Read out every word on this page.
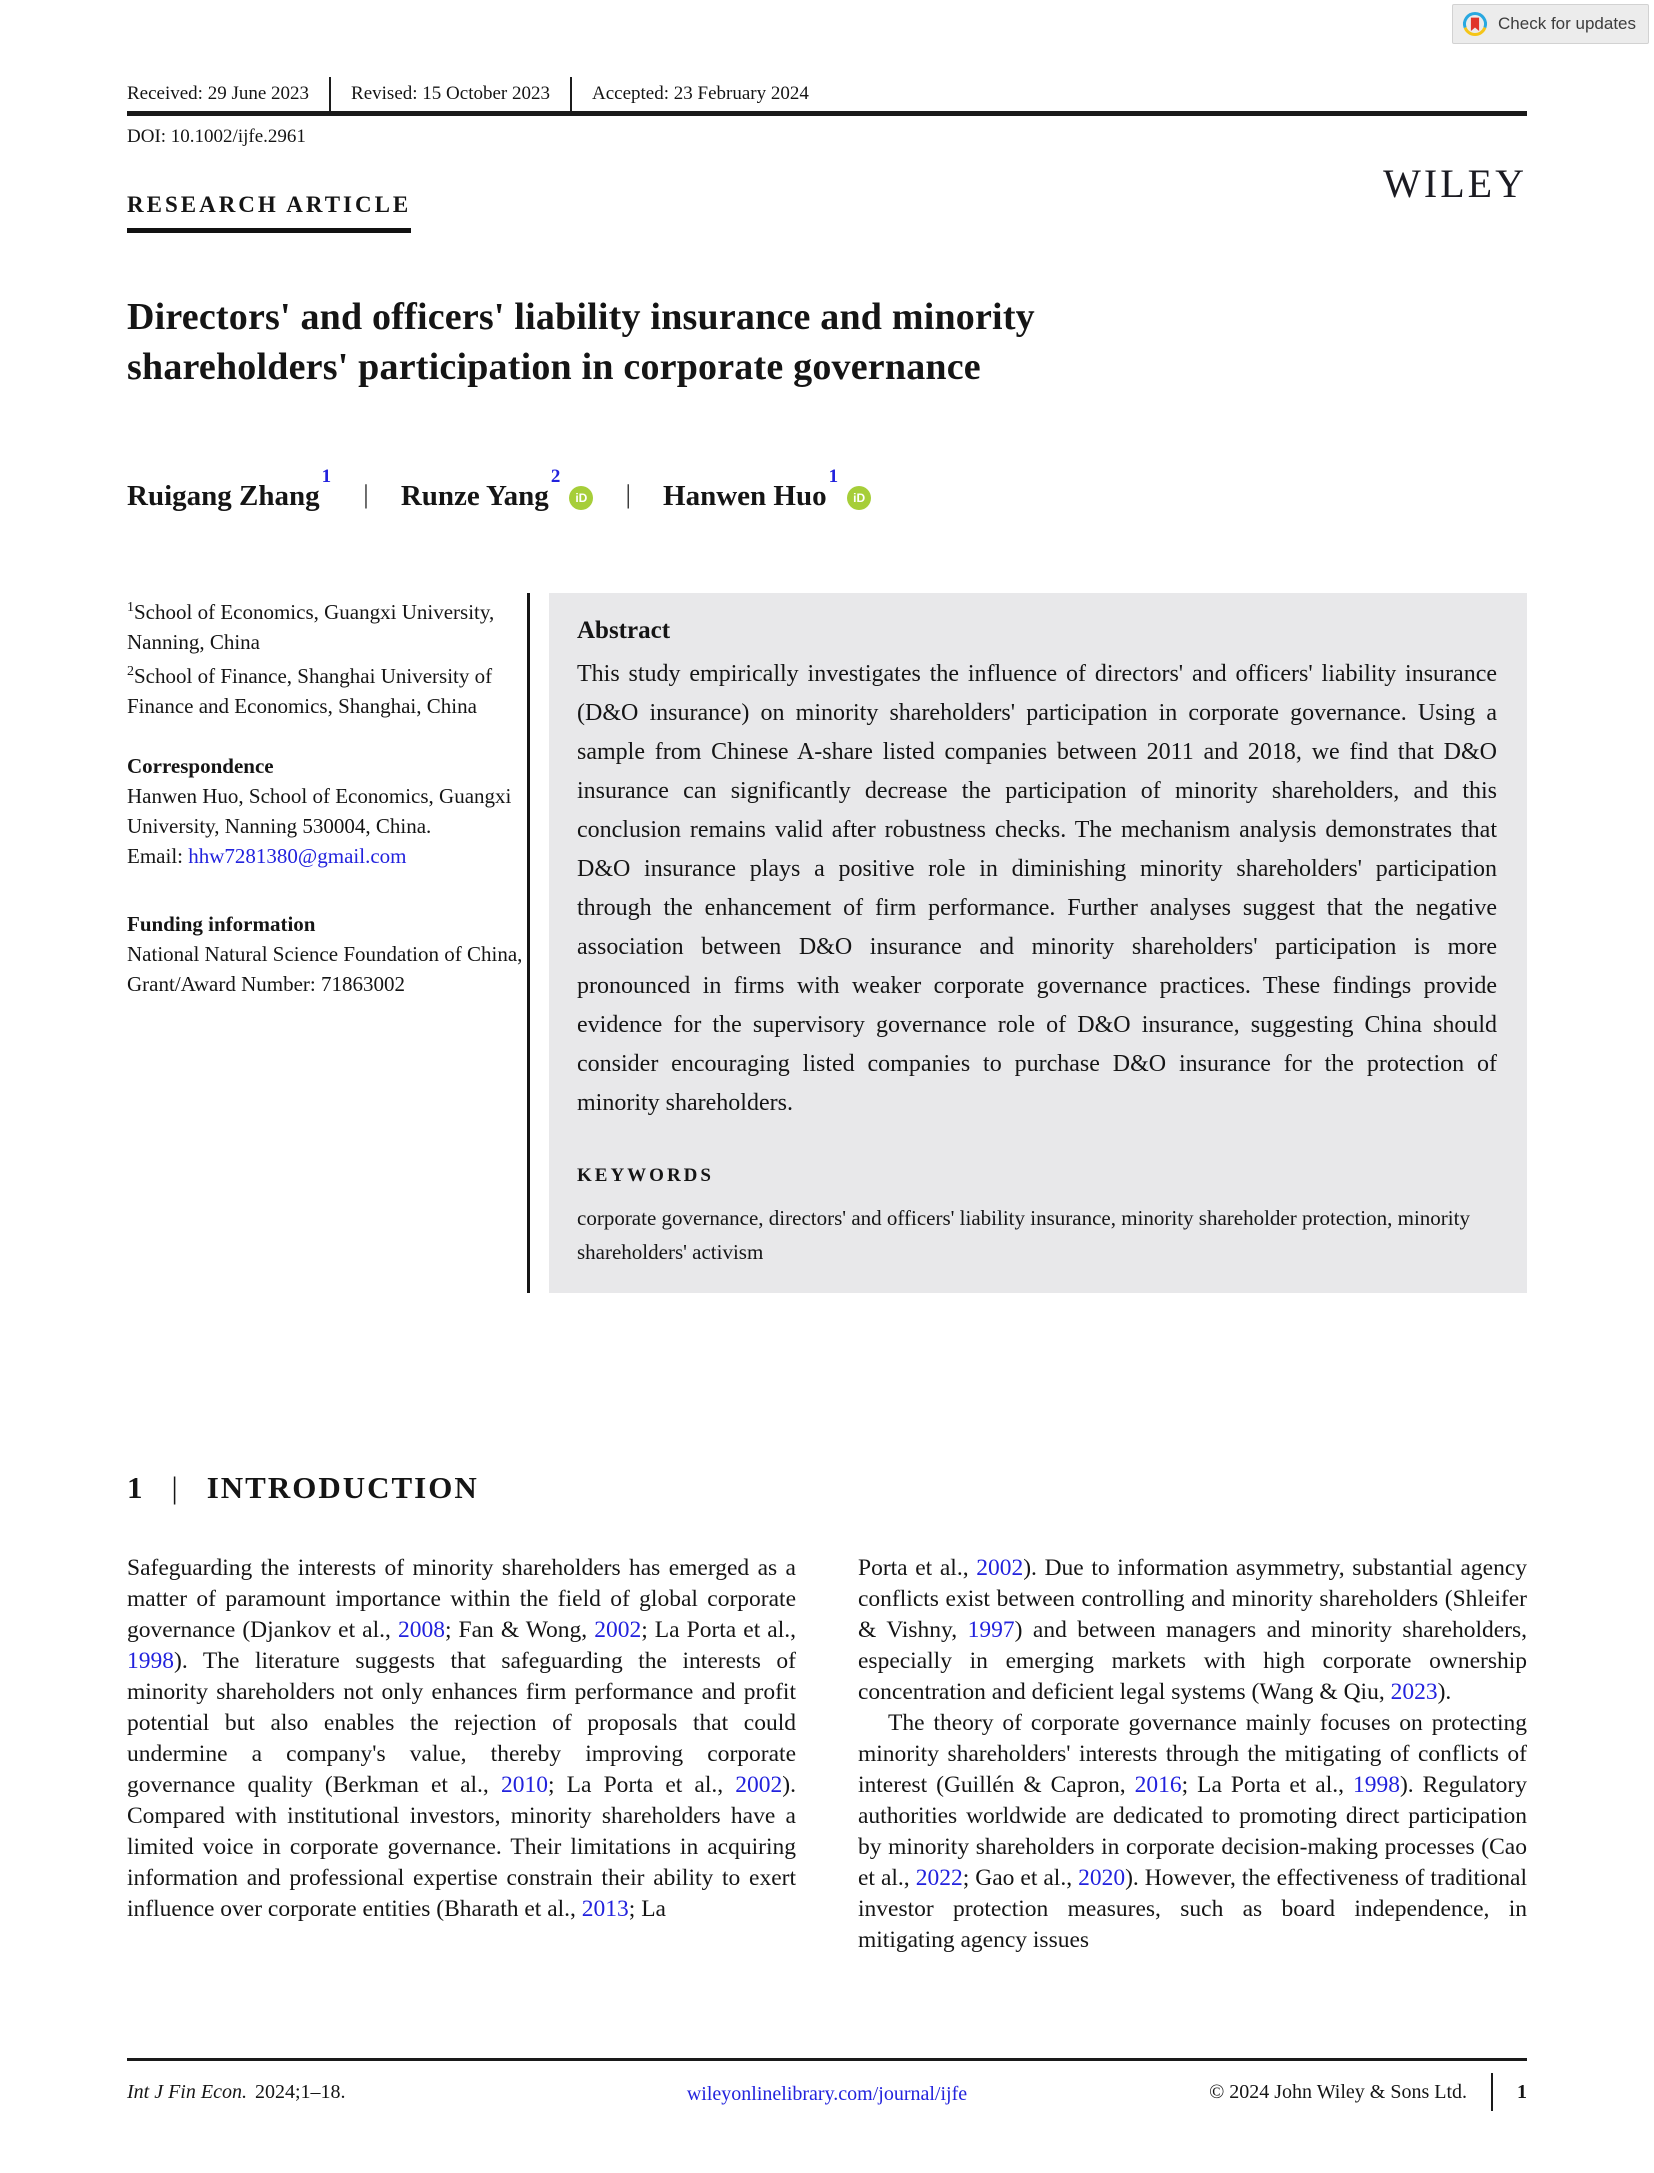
Check for updates
Received: 29 June 2023 Revised: 15 October 2023 Accepted: 23 February 2024
DOI: 10.1002/ijfe.2961
RESEARCH ARTICLE	WILEY
Directors' and officers' liability insurance and minority
shareholders' participation in corporate governance
Ruigang Zhang$^1$ | Runze Yang$^2$iD | Hanwen Huo$^1$iD

$^1$School of Economics, Guangxi University, Nanning, China

$^2$School of Finance, Shanghai University of Finance and Economics, Shanghai, China

Correspondence

Hanwen Huo, School of Economics, Guangxi University, Nanning 530004, China.

Email: hhw7281380@gmail.com

Funding information

National Natural Science Foundation of China, Grant/Award Number: 71863002

Abstract

This study empirically investigates the influence of directors' and officers' liability insurance (D&O insurance) on minority shareholders' participation in corporate governance. Using a sample from Chinese A-share listed companies between 2011 and 2018, we find that D&O insurance can significantly decrease the participation of minority shareholders, and this conclusion remains valid after robustness checks. The mechanism analysis demonstrates that D&O insurance plays a positive role in diminishing minority shareholders' participation through the enhancement of firm performance. Further analyses suggest that the negative association between D&O insurance and minority shareholders' participation is more pronounced in firms with weaker corporate governance practices. These findings provide evidence for the supervisory governance role of D&O insurance, suggesting China should consider encouraging listed companies to purchase D&O insurance for the protection of minority shareholders.

KEYWORDS

corporate governance, directors' and officers' liability insurance, minority shareholder protection, minority shareholders' activism

1 | INTRODUCTION

Safeguarding the interests of minority shareholders has emerged as a matter of paramount importance within the field of global corporate governance (Djankov et al., 2008; Fan & Wong, 2002; La Porta et al., 1998). The literature suggests that safeguarding the interests of minority shareholders not only enhances firm performance and profit potential but also enables the rejection of proposals that could undermine a company's value, thereby improving corporate governance quality (Berkman et al., 2010; La Porta et al., 2002). Compared with institutional investors, minority shareholders have a limited voice in corporate governance. Their limitations in acquiring information and professional expertise constrain their ability to exert influence over corporate entities (Bharath et al., 2013; La

Porta et al., 2002). Due to information asymmetry, substantial agency conflicts exist between controlling and minority shareholders (Shleifer & Vishny, 1997) and between managers and minority shareholders, especially in emerging markets with high corporate ownership concentration and deficient legal systems (Wang & Qiu, 2023).

The theory of corporate governance mainly focuses on protecting minority shareholders' interests through the mitigating of conflicts of interest (Guillén & Capron, 2016; La Porta et al., 1998). Regulatory authorities worldwide are dedicated to promoting direct participation by minority shareholders in corporate decision-making processes (Cao et al., 2022; Gao et al., 2020). However, the effectiveness of traditional investor protection measures, such as board independence, in mitigating agency issues

Int J Fin Econ. 2024;1–18.	wileyonlinelibrary.com/journal/ijfe	© 2024 John Wiley & Sons Ltd.	1
